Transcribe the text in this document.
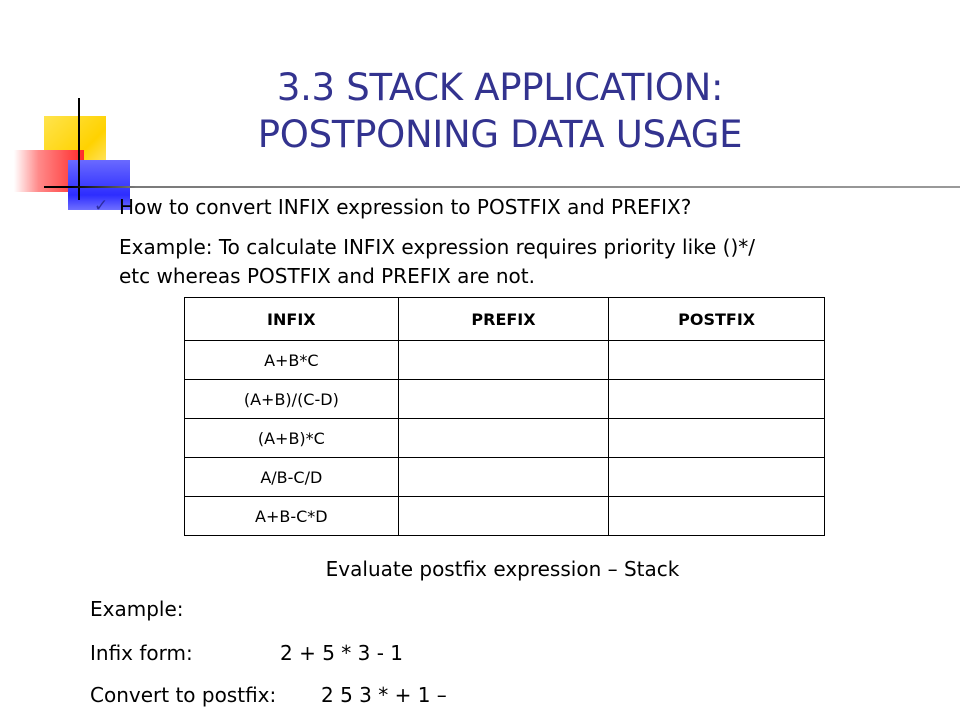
3.3 STACK APPLICATION:
POSTPONING DATA USAGE
✓ How to convert INFIX expression to POSTFIX and PREFIX?
Example: To calculate INFIX expression requires priority like ()*/
etc whereas POSTFIX and PREFIX are not.
INFIX	PREFIX	POSTFIX
A+B*C		
(A+B)/(C-D)		
(A+B)*C		
A/B-C/D		
A+B-C*D		
Evaluate postfix expression – Stack
Example:
Infix form:	2 + 5 * 3 - 1
Convert to postfix: 2 5 3 * + 1 –
